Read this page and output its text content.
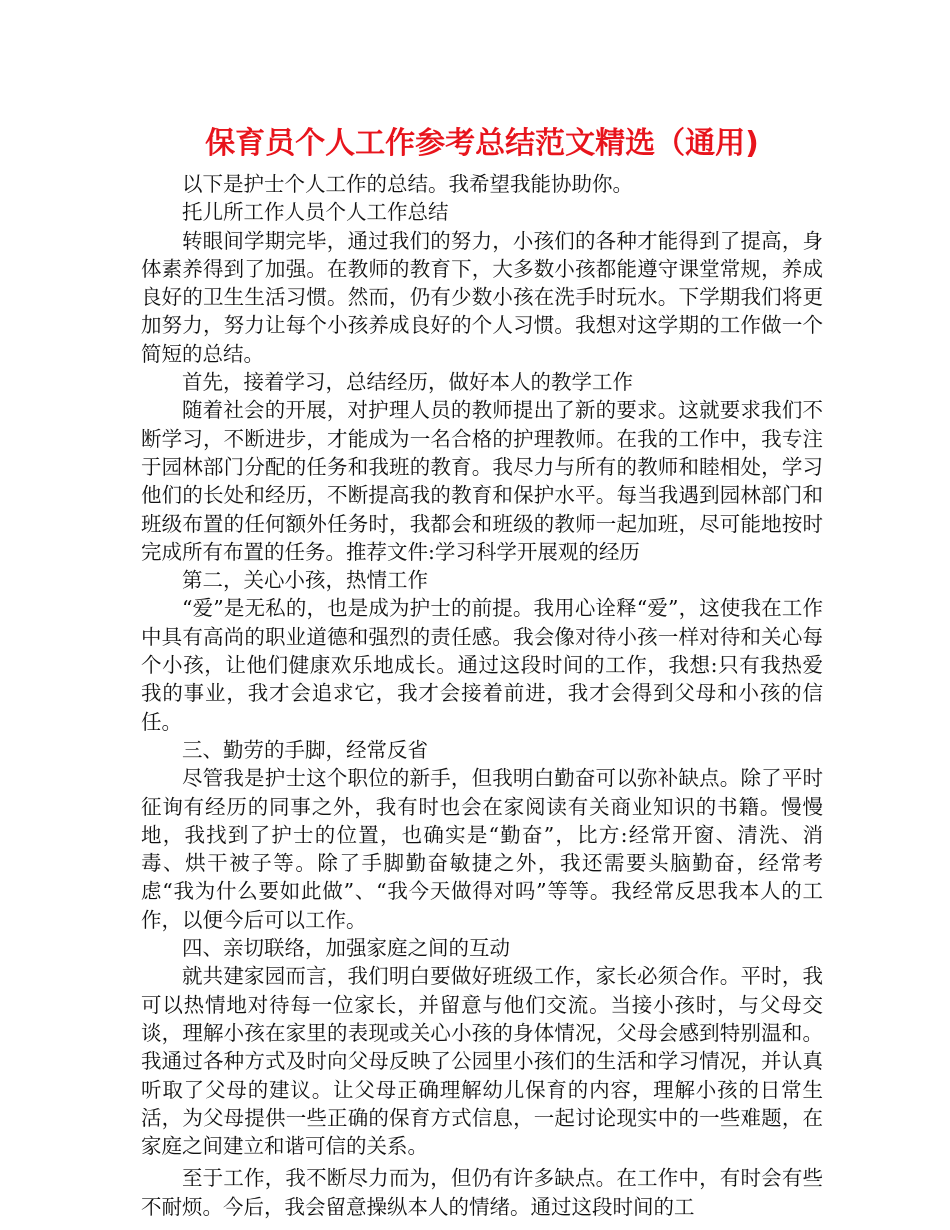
保育员个人工作参考总结范文精选（通用)

以下是护士个人工作的总结。我希望我能协助你。

托儿所工作人员个人工作总结

转眼间学期完毕，通过我们的努力，小孩们的各种才能得到了提高，身体素养得到了加强。在教师的教育下，大多数小孩都能遵守课堂常规，养成良好的卫生生活习惯。然而，仍有少数小孩在洗手时玩水。下学期我们将更加努力，努力让每个小孩养成良好的个人习惯。我想对这学期的工作做一个简短的总结。

首先，接着学习，总结经历，做好本人的教学工作

随着社会的开展，对护理人员的教师提出了新的要求。这就要求我们不断学习，不断进步，才能成为一名合格的护理教师。在我的工作中，我专注于园林部门分配的任务和我班的教育。我尽力与所有的教师和睦相处，学习他们的长处和经历，不断提高我的教育和保护水平。每当我遇到园林部门和班级布置的任何额外任务时，我都会和班级的教师一起加班，尽可能地按时完成所有布置的任务。推荐文件:学习科学开展观的经历

第二，关心小孩，热情工作

“爱”是无私的，也是成为护士的前提。我用心诠释“爱”，这使我在工作中具有高尚的职业道德和强烈的责任感。我会像对待小孩一样对待和关心每个小孩，让他们健康欢乐地成长。通过这段时间的工作，我想:只有我热爱我的事业，我才会追求它，我才会接着前进，我才会得到父母和小孩的信任。

三、勤劳的手脚，经常反省

尽管我是护士这个职位的新手，但我明白勤奋可以弥补缺点。除了平时征询有经历的同事之外，我有时也会在家阅读有关商业知识的书籍。慢慢地，我找到了护士的位置，也确实是“勤奋”，比方:经常开窗、清洗、消毒、烘干被子等。除了手脚勤奋敏捷之外，我还需要头脑勤奋，经常考虑“我为什么要如此做”、“我今天做得对吗”等等。我经常反思我本人的工作，以便今后可以工作。

四、亲切联络，加强家庭之间的互动

就共建家园而言，我们明白要做好班级工作，家长必须合作。平时，我可以热情地对待每一位家长，并留意与他们交流。当接小孩时，与父母交谈，理解小孩在家里的表现或关心小孩的身体情况，父母会感到特别温和。我通过各种方式及时向父母反映了公园里小孩们的生活和学习情况，并认真听取了父母的建议。让父母正确理解幼儿保育的内容，理解小孩的日常生活，为父母提供一些正确的保育方式信息，一起讨论现实中的一些难题，在家庭之间建立和谐可信的关系。

至于工作，我不断尽力而为，但仍有许多缺点。在工作中，有时会有些不耐烦。今后，我会留意操纵本人的情绪。通过这段时间的工
